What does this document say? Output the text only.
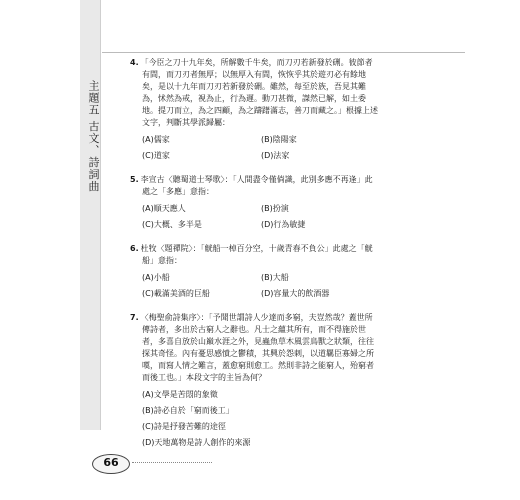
主題五 古文、詩詞曲
4. 「今臣之刀十九年矣，所解數千牛矣，而刀刃若新發於硎。彼節者有間，而刀刃者無厚；以無厚入有間，恢恢乎其於遊刃必有餘地矣，是以十九年而刀刃若新發於硎。雖然，每至於族，吾見其難為，怵然為戒，視為止，行為遲。動刀甚微，謋然已解，如土委地。提刀而立，為之四顧，為之躊躇滿志，善刀而藏之。」根據上述文字，判斷其學派歸屬：
(A)儒家	(B)陰陽家
(C)道家	(D)法家
5. 李宣古〈聽蜀道士琴歌〉：「人間盡令僅倘識，此別多應不再逢」此處之「多應」意指：
(A)順天應人	(B)扮演
(C)大概、多半是	(D)行為敏捷
6. 杜牧〈題禪院〉：「觥船一棹百分空，十歲青春不負公」此處之「觥船」意指：
(A)小船	(B)大船
(C)載滿美酒的巨船	(D)容量大的飲酒器
7. 〈梅聖俞詩集序〉：「予聞世謂詩人少達而多窮，夫豈然哉？蓋世所傳詩者，多出於古窮人之辭也。凡士之蘊其所有，而不得施於世者，多喜自放於山巔水涯之外，見蟲魚草木風雲鳥獸之狀類，往往探其奇怪。內有憂思感憤之鬱積，其興於怨刺，以道羈臣寡婦之所嘆，而寫人情之難言，蓋愈窮則愈工。然則非詩之能窮人，殆窮者而後工也。」本段文字的主旨為何？
(A)文學是苦悶的象徵
(B)詩必自於「窮而後工」
(C)詩是抒發苦難的途徑
(D)天地萬物是詩人創作的來源
66
